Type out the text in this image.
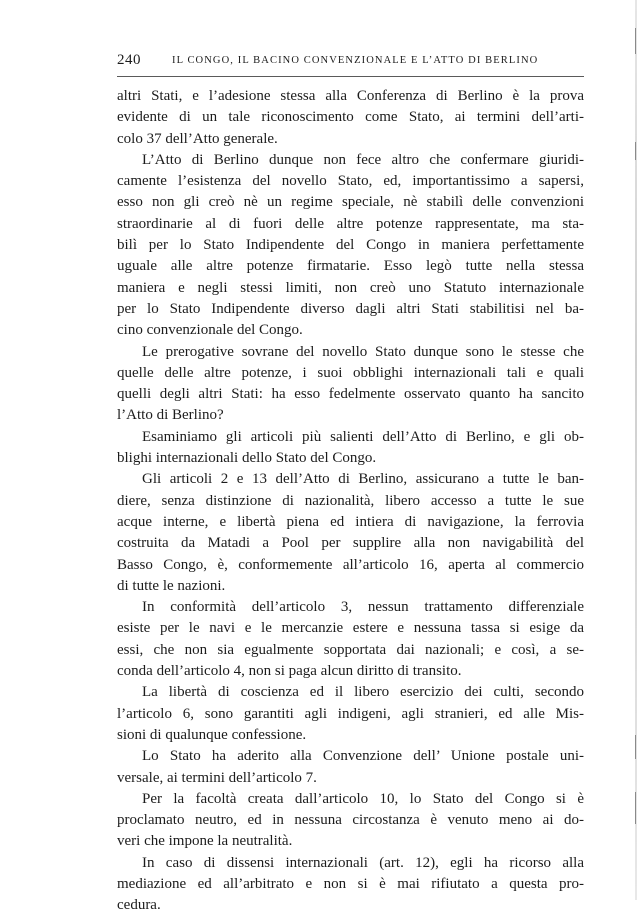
240	IL CONGO, IL BACINO CONVENZIONALE E L’ATTO DI BERLINO

altri Stati, e l’adesione stessa alla Conferenza di Berlino è la prova

evidente di un tale riconoscimento come Stato, ai termini dell’arti-

colo 37 dell’Atto generale.

L’Atto di Berlino dunque non fece altro che confermare giuridi-

camente l’esistenza del novello Stato, ed, importantissimo a sapersi,

esso non gli creò nè un regime speciale, nè stabilì delle convenzioni

straordinarie al di fuori delle altre potenze rappresentate, ma sta-

bilì per lo Stato Indipendente del Congo in maniera perfettamente

uguale alle altre potenze firmatarie. Esso legò tutte nella stessa

maniera e negli stessi limiti, non creò uno Statuto internazionale

per lo Stato Indipendente diverso dagli altri Stati stabilitisi nel ba-

cino convenzionale del Congo.

Le prerogative sovrane del novello Stato dunque sono le stesse che

quelle delle altre potenze, i suoi obblighi internazionali tali e quali

quelli degli altri Stati: ha esso fedelmente osservato quanto ha sancito

l’Atto di Berlino?

Esaminiamo gli articoli più salienti dell’Atto di Berlino, e gli ob-

blighi internazionali dello Stato del Congo.

Gli articoli 2 e 13 dell’Atto di Berlino, assicurano a tutte le ban-

diere, senza distinzione di nazionalità, libero accesso a tutte le sue

acque interne, e libertà piena ed intiera di navigazione, la ferrovia

costruita da Matadi a Pool per supplire alla non navigabilità del

Basso Congo, è, conformemente all’articolo 16, aperta al commercio

di tutte le nazioni.

In conformità dell’articolo 3, nessun trattamento differenziale

esiste per le navi e le mercanzie estere e nessuna tassa si esige da

essi, che non sia egualmente sopportata dai nazionali; e così, a se-

conda dell’articolo 4, non si paga alcun diritto di transito.

La libertà di coscienza ed il libero esercizio dei culti, secondo

l’articolo 6, sono garantiti agli indigeni, agli stranieri, ed alle Mis-

sioni di qualunque confessione.

Lo Stato ha aderito alla Convenzione dell’ Unione postale uni-

versale, ai termini dell’articolo 7.

Per la facoltà creata dall’articolo 10, lo Stato del Congo si è

proclamato neutro, ed in nessuna circostanza è venuto meno ai do-

veri che impone la neutralità.

In caso di dissensi internazionali (art. 12), egli ha ricorso alla

mediazione ed all’arbitrato e non si è mai rifiutato a questa pro-

cedura.
